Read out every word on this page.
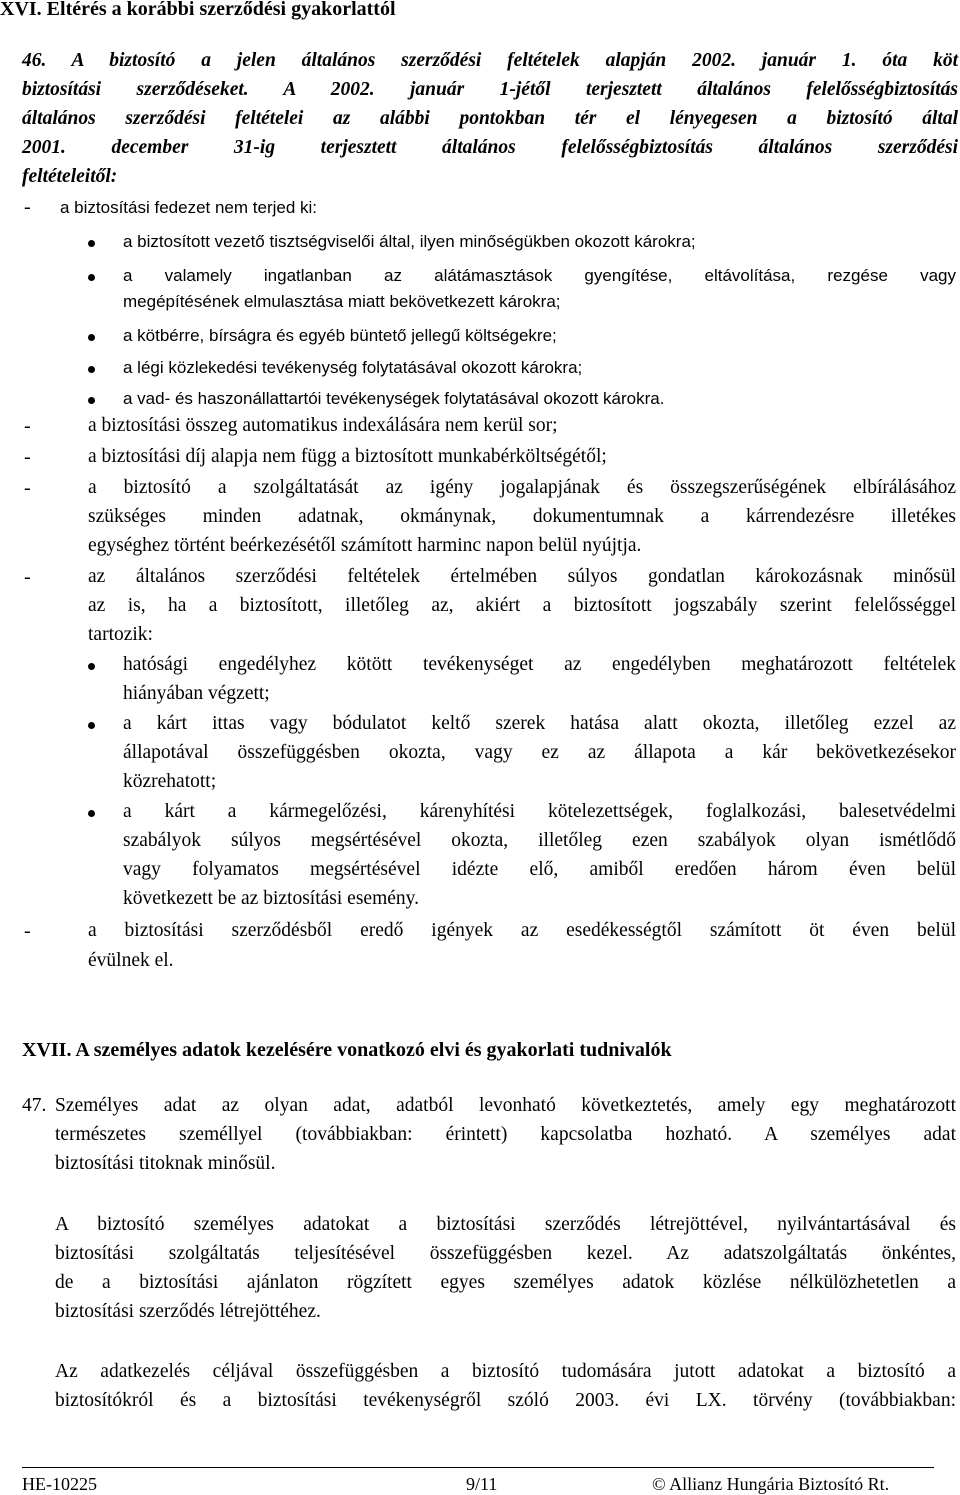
XVI. Eltérés a korábbi szerződési gyakorlattól
46. A biztosító a jelen általános szerződési feltételek alapján 2002. január 1. óta köt
biztosítási szerződéseket. A 2002. január 1-jétől terjesztett általános felelősségbiztosítás
általános szerződési feltételei az alábbi pontokban tér el lényegesen a biztosító által
2001. december 31-ig terjesztett általános felelősségbiztosítás általános szerződési
feltételeitől:
- a biztosítási fedezet nem terjed ki:
a biztosított vezető tisztségviselői által, ilyen minőségükben okozott károkra;
a valamely ingatlanban az alátámasztások gyengítése, eltávolítása, rezgése vagy
megépítésének elmulasztása miatt bekövetkezett károkra;
a kötbérre, bírságra és egyéb büntető jellegű költségekre;
a légi közlekedési tevékenység folytatásával okozott károkra;
a vad- és haszonállattartói tevékenységek folytatásával okozott károkra.
-	a biztosítási összeg automatikus indexálására nem kerül sor;
-	a biztosítási díj alapja nem függ a biztosított munkabérköltségétől;
-	a biztosító a szolgáltatását az igény jogalapjának és összegszerűségének elbírálásához
szükséges minden adatnak, okmánynak, dokumentumnak a kárrendezésre illetékes
egységhez történt beérkezésétől számított harminc napon belül nyújtja.
-	az általános szerződési feltételek értelmében súlyos gondatlan károkozásnak minősül
az is, ha a biztosított, illetőleg az, akiért a biztosított jogszabály szerint felelősséggel
tartozik:
hatósági engedélyhez kötött tevékenységet az engedélyben meghatározott feltételek
hiányában végzett;
a kárt ittas vagy bódulatot keltő szerek hatása alatt okozta, illetőleg ezzel az
állapotával összefüggésben okozta, vagy ez az állapota a kár bekövetkezésekor
közrehatott;
a kárt a kármegelőzési, kárenyhítési kötelezettségek, foglalkozási, balesetvédelmi
szabályok súlyos megsértésével okozta, illetőleg ezen szabályok olyan ismétlődő
vagy folyamatos megsértésével idézte elő, amiből eredően három éven belül
következett be az biztosítási esemény.
-	a biztosítási szerződésből eredő igények az esedékességtől számított öt éven belül
évülnek el.
XVII. A személyes adatok kezelésére vonatkozó elvi és gyakorlati tudnivalók
47. Személyes adat az olyan adat, adatból levonható következtetés, amely egy meghatározott
természetes személlyel (továbbiakban: érintett) kapcsolatba hozható. A személyes adat
biztosítási titoknak minősül.
A biztosító személyes adatokat a biztosítási szerződés létrejöttével, nyilvántartásával és
biztosítási szolgáltatás teljesítésével összefüggésben kezel. Az adatszolgáltatás önkéntes,
de a biztosítási ajánlaton rögzített egyes személyes adatok közlése nélkülözhetetlen a
biztosítási szerződés létrejöttéhez.
Az adatkezelés céljával összefüggésben a biztosító tudomására jutott adatokat a biztosító a
biztosítókról és a biztosítási tevékenységről szóló 2003. évi LX. törvény (továbbiakban:
HE-10225	9/11	© Allianz Hungária Biztosító Rt.
